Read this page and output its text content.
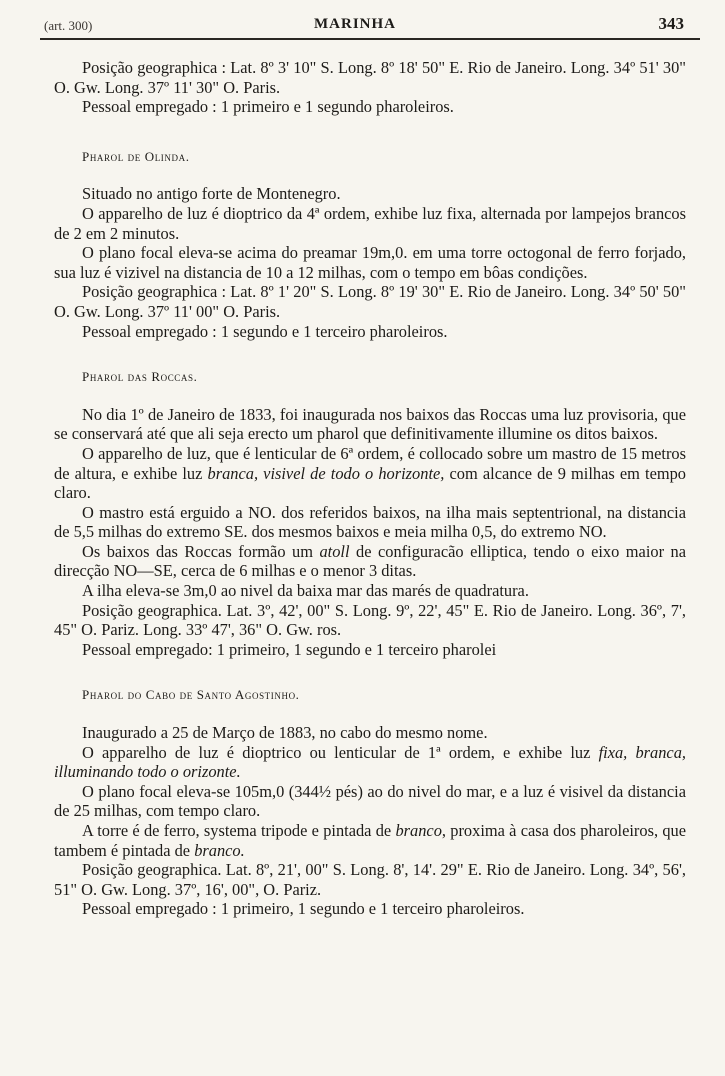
(art. 300)	MARINHA	343

Posição geographica : Lat. 8º 3' 10" S. Long. 8º 18' 50" E. Rio de Janeiro. Long. 34º 51' 30" O. Gw. Long. 37º 11' 30" O. Paris.

Pessoal empregado : 1 primeiro e 1 segundo pharoleiros.

Pharol de Olinda.

Situado no antigo forte de Montenegro.

O apparelho de luz é dioptrico da 4ª ordem, exhibe luz fixa, alternada por lampejos brancos de 2 em 2 minutos.

O plano focal eleva-se acima do preamar 19m,0. em uma torre octogonal de ferro forjado, sua luz é vizivel na distancia de 10 a 12 milhas, com o tempo em bôas condições.

Posição geographica : Lat. 8º 1' 20" S. Long. 8º 19' 30" E. Rio de Janeiro. Long. 34º 50' 50" O. Gw. Long. 37º 11' 00" O. Paris.

Pessoal empregado : 1 segundo e 1 terceiro pharoleiros.

Pharol das Roccas.

No dia 1º de Janeiro de 1833, foi inaugurada nos baixos das Roccas uma luz provisoria, que se conservará até que ali seja erecto um pharol que definitivamente illumine os ditos baixos.

O apparelho de luz, que é lenticular de 6ª ordem, é collocado sobre um mastro de 15 metros de altura, e exhibe luz branca, visivel de todo o horizonte, com alcance de 9 milhas em tempo claro.

O mastro está erguido a NO. dos referidos baixos, na ilha mais septentrional, na distancia de 5,5 milhas do extremo SE. dos mesmos baixos e meia milha 0,5, do extremo NO.

Os baixos das Roccas formão um atoll de configuracão elliptica, tendo o eixo maior na direcção NO—SE, cerca de 6 milhas e o menor 3 ditas.

A ilha eleva-se 3m,0 ao nivel da baixa mar das marés de quadratura.

Posição geographica. Lat. 3º, 42', 00" S. Long. 9º, 22', 45" E. Rio de Janeiro. Long. 36º, 7', 45" O. Pariz. Long. 33º 47', 36" O. Gw. ros.

Pessoal empregado: 1 primeiro, 1 segundo e 1 terceiro pharolei

Pharol do Cabo de Santo Agostinho.

Inaugurado a 25 de Março de 1883, no cabo do mesmo nome.

O apparelho de luz é dioptrico ou lenticular de 1ª ordem, e exhibe luz fixa, branca, illuminando todo o orizonte.

O plano focal eleva-se 105m,0 (344½ pés) ao do nivel do mar, e a luz é visivel da distancia de 25 milhas, com tempo claro.

A torre é de ferro, systema tripode e pintada de branco, proxima à casa dos pharoleiros, que tambem é pintada de branco.

Posição geographica. Lat. 8º, 21', 00" S. Long. 8', 14'. 29" E. Rio de Janeiro. Long. 34º, 56', 51" O. Gw. Long. 37º, 16', 00", O. Pariz.

Pessoal empregado : 1 primeiro, 1 segundo e 1 terceiro pharoleiros.
